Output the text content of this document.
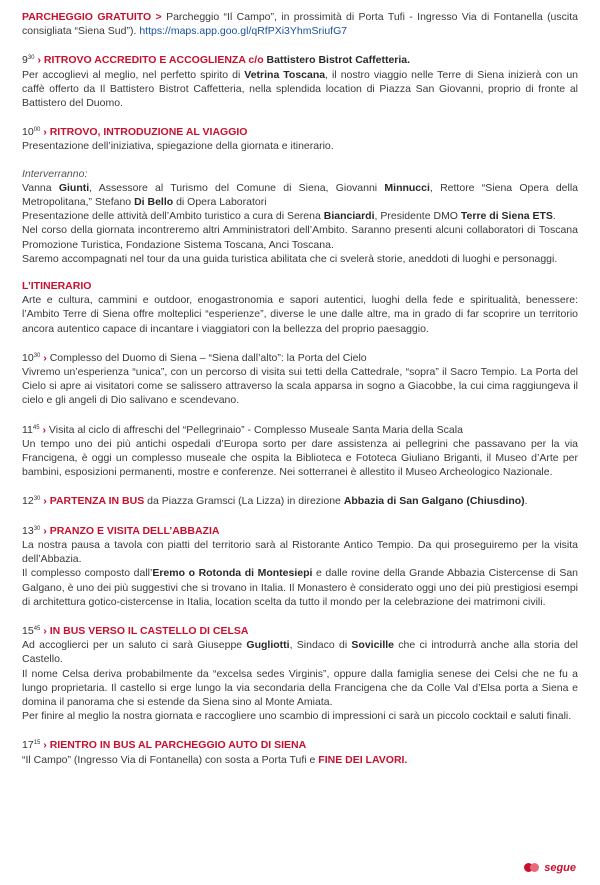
PARCHEGGIO GRATUITO > Parcheggio “Il Campo”, in prossimità di Porta Tufi - Ingresso Via di Fontanella (uscita consigliata “Siena Sud”). https://maps.app.goo.gl/qRfPXi3YhmSriufG7

$9^{30}$ › RITROVO ACCREDITO E ACCOGLIENZA c/o Battistero Bistrot Caffetteria.

Per accoglievi al meglio, nel perfetto spirito di Vetrina Toscana, il nostro viaggio nelle Terre di Siena inizierà con un caffè offerto da Il Battistero Bistrot Caffetteria, nella splendida location di Piazza San Giovanni, proprio di fronte al Battistero del Duomo.

$10^{00}$ › RITROVO, INTRODUZIONE AL VIAGGIO

Presentazione dell’iniziativa, spiegazione della giornata e itinerario.

Interverranno:

Vanna Giunti, Assessore al Turismo del Comune di Siena, Giovanni Minnucci, Rettore “Siena Opera della Metropolitana,” Stefano Di Bello di Opera Laboratori

Presentazione delle attività dell’Ambito turistico a cura di Serena Bianciardi, Presidente DMO Terre di Siena ETS.

Nel corso della giornata incontreremo altri Amministratori dell’Ambito. Saranno presenti alcuni collaboratori di Toscana Promozione Turistica, Fondazione Sistema Toscana, Anci Toscana.

Saremo accompagnati nel tour da una guida turistica abilitata che ci svelerà storie, aneddoti di luoghi e personaggi.

L’ITINERARIO

Arte e cultura, cammini e outdoor, enogastronomia e sapori autentici, luoghi della fede e spiritualità, benessere: l’Ambito Terre di Siena offre molteplici “esperienze”, diverse le une dalle altre, ma in grado di far scoprire un territorio ancora autentico capace di incantare i viaggiatori con la bellezza del proprio paesaggio.

$10^{30}$ › Complesso del Duomo di Siena – “Siena dall’alto”: la Porta del Cielo

Vivremo un’esperienza “unica”, con un percorso di visita sui tetti della Cattedrale, “sopra” il Sacro Tempio. La Porta del Cielo si apre ai visitatori come se salissero attraverso la scala apparsa in sogno a Giacobbe, la cui cima raggiungeva il cielo e gli angeli di Dio salivano e scendevano.

$11^{45}$ › Visita al ciclo di affreschi del “Pellegrinaio” - Complesso Museale Santa Maria della Scala

Un tempo uno dei più antichi ospedali d’Europa sorto per dare assistenza ai pellegrini che passavano per la via Francigena, è oggi un complesso museale che ospita la Biblioteca e Fototeca Giuliano Briganti, il Museo d’Arte per bambini, esposizioni permanenti, mostre e conferenze. Nei sotterranei è allestito il Museo Archeologico Nazionale.

$12^{30}$ › PARTENZA IN BUS da Piazza Gramsci (La Lizza) in direzione Abbazia di San Galgano (Chiusdino).

$13^{30}$ › PRANZO E VISITA DELL’ABBAZIA

La nostra pausa a tavola con piatti del territorio sarà al Ristorante Antico Tempio. Da qui proseguiremo per la visita dell’Abbazia.

Il complesso composto dall’Eremo o Rotonda di Montesiepi e dalle rovine della Grande Abbazia Cistercense di San Galgano, è uno dei più suggestivi che si trovano in Italia. Il Monastero è considerato oggi uno dei più prestigiosi esempi di architettura gotico-cistercense in Italia, location scelta da tutto il mondo per la celebrazione dei matrimoni civili.

$15^{45}$ › IN BUS VERSO IL CASTELLO DI CELSA

Ad accoglierci per un saluto ci sarà Giuseppe Gugliotti, Sindaco di Sovicille che ci introdurrà anche alla storia del Castello.

Il nome Celsa deriva probabilmente da “excelsa sedes Virginis”, oppure dalla famiglia senese dei Celsi che ne fu a lungo proprietaria. Il castello si erge lungo la via secondaria della Francigena che da Colle Val d’Elsa porta a Siena e domina il panorama che si estende da Siena sino al Monte Amiata.

Per finire al meglio la nostra giornata e raccogliere uno scambio di impressioni ci sarà un piccolo cocktail e saluti finali.

$17^{15}$ › RIENTRO IN BUS AL PARCHEGGIO AUTO DI SIENA

“Il Campo” (Ingresso Via di Fontanella) con sosta a Porta Tufi e FINE DEI LAVORI.

segue
